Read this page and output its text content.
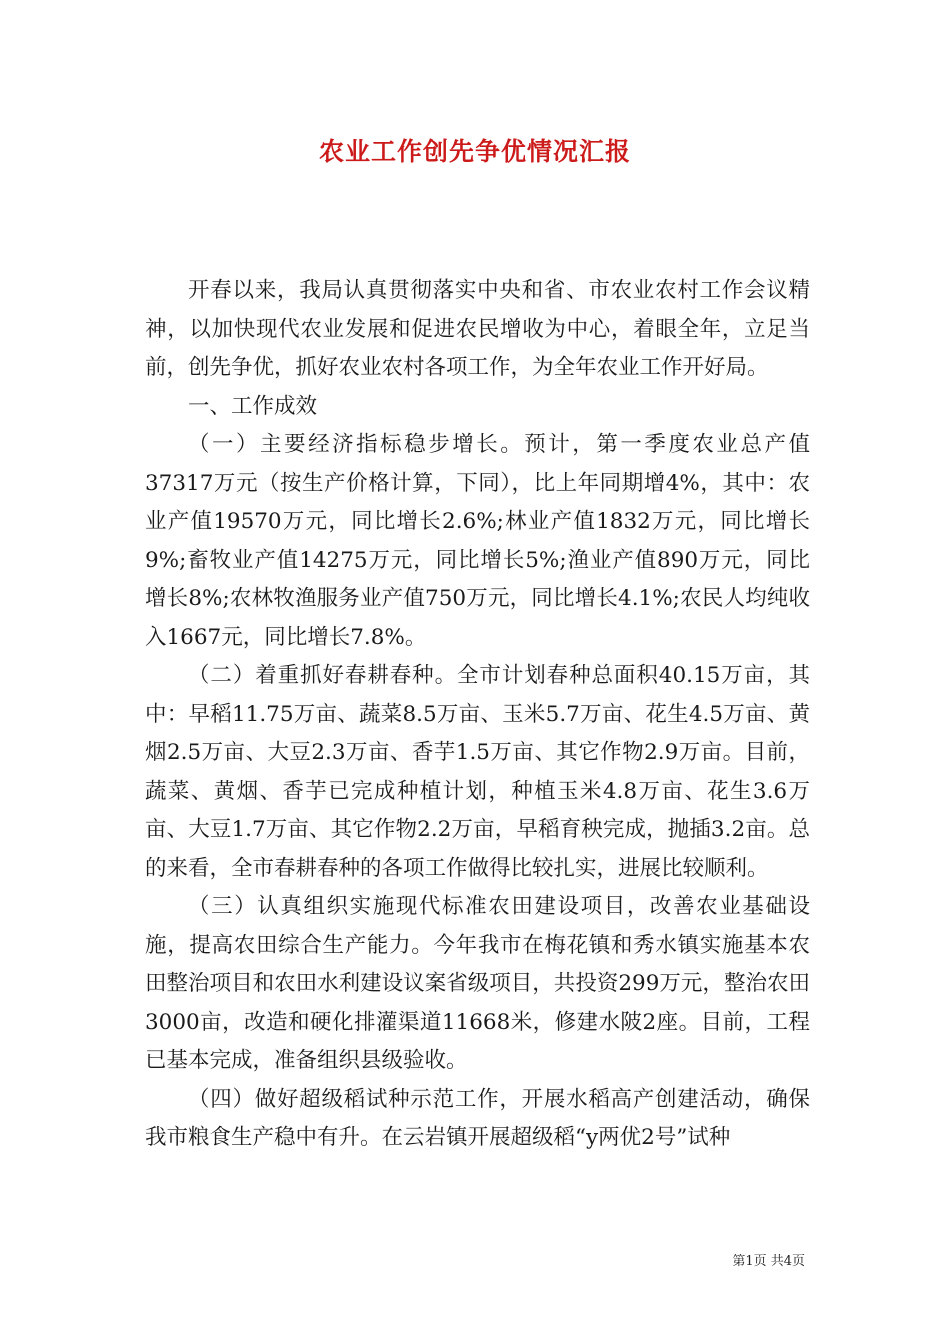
农业工作创先争优情况汇报

开春以来，我局认真贯彻落实中央和省、市农业农村工作会议精神，以加快现代农业发展和促进农民增收为中心，着眼全年，立足当前，创先争优，抓好农业农村各项工作，为全年农业工作开好局。

一、工作成效

（一）主要经济指标稳步增长。预计，第一季度农业总产值37317万元（按生产价格计算，下同），比上年同期增4%，其中：农业产值19570万元，同比增长2.6%;林业产值1832万元，同比增长9%;畜牧业产值14275万元，同比增长5%;渔业产值890万元，同比增长8%;农林牧渔服务业产值750万元，同比增长4.1%;农民人均纯收入1667元，同比增长7.8%。

（二）着重抓好春耕春种。全市计划春种总面积40.15万亩，其中：早稻11.75万亩、蔬菜8.5万亩、玉米5.7万亩、花生4.5万亩、黄烟2.5万亩、大豆2.3万亩、香芋1.5万亩、其它作物2.9万亩。目前，蔬菜、黄烟、香芋已完成种植计划，种植玉米4.8万亩、花生3.6万亩、大豆1.7万亩、其它作物2.2万亩，早稻育秧完成，抛插3.2亩。总的来看，全市春耕春种的各项工作做得比较扎实，进展比较顺利。

（三）认真组织实施现代标准农田建设项目，改善农业基础设施，提高农田综合生产能力。今年我市在梅花镇和秀水镇实施基本农田整治项目和农田水利建设议案省级项目，共投资299万元，整治农田3000亩，改造和硬化排灌渠道11668米，修建水陂2座。目前，工程已基本完成，准备组织县级验收。

（四）做好超级稻试种示范工作，开展水稻高产创建活动，确保我市粮食生产稳中有升。在云岩镇开展超级稻“y两优2号”试种

第1页 共4页
